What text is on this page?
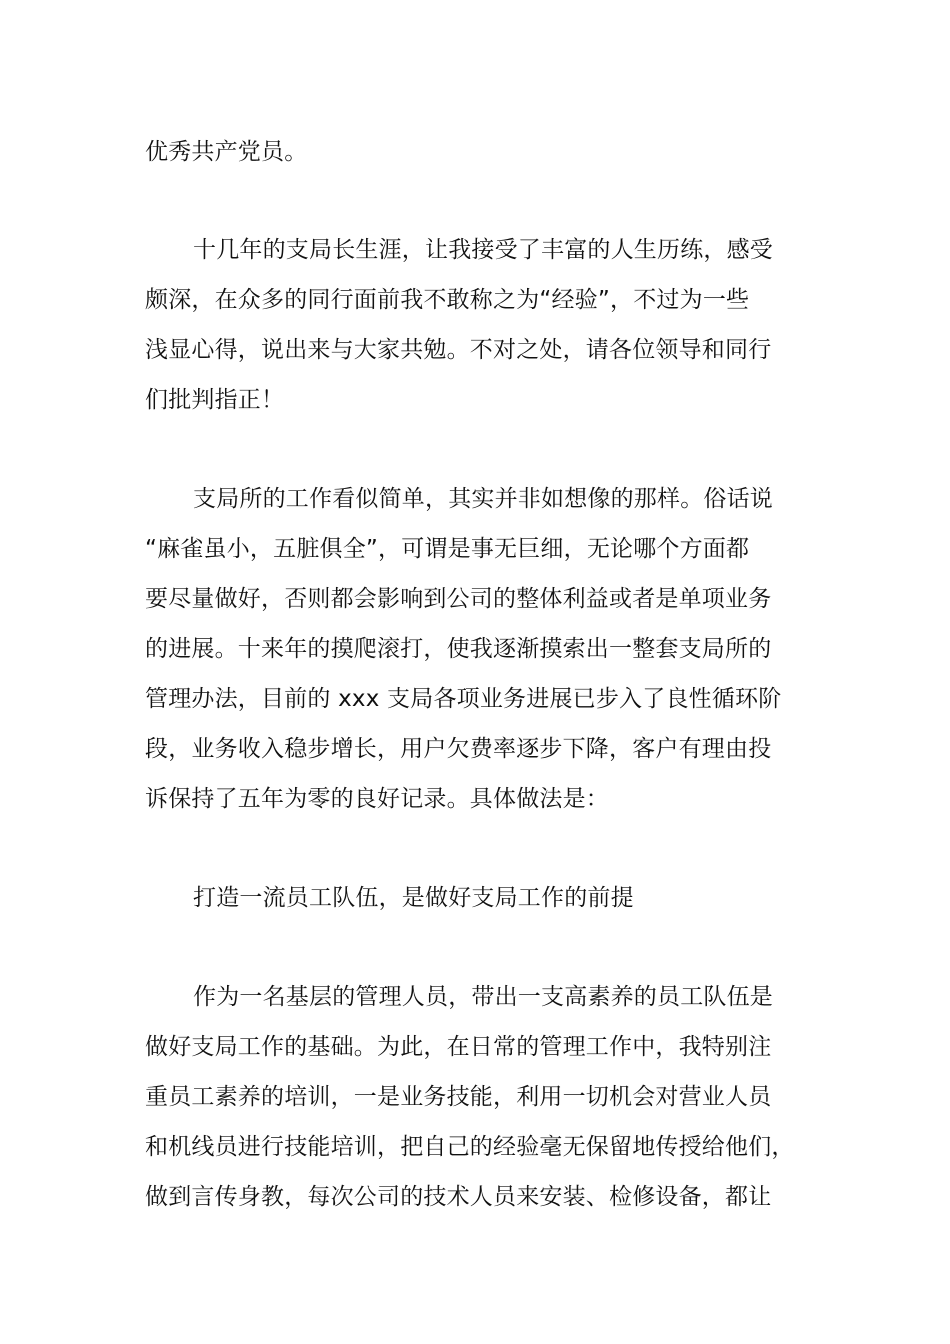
优秀共产党员。

十几年的支局长生涯，让我接受了丰富的人生历练，感受

颇深，在众多的同行面前我不敢称之为“经验”，不过为一些

浅显心得，说出来与大家共勉。不对之处，请各位领导和同行

们批判指正！

支局所的工作看似简单，其实并非如想像的那样。俗话说

“麻雀虽小，五脏俱全”，可谓是事无巨细，无论哪个方面都

要尽量做好，否则都会影响到公司的整体利益或者是单项业务

的进展。十来年的摸爬滚打，使我逐渐摸索出一整套支局所的

管理办法，目前的 xxx 支局各项业务进展已步入了良性循环阶

段，业务收入稳步增长，用户欠费率逐步下降，客户有理由投

诉保持了五年为零的良好记录。具体做法是：

打造一流员工队伍，是做好支局工作的前提

作为一名基层的管理人员，带出一支高素养的员工队伍是

做好支局工作的基础。为此，在日常的管理工作中，我特别注

重员工素养的培训，一是业务技能，利用一切机会对营业人员

和机线员进行技能培训，把自己的经验毫无保留地传授给他们，

做到言传身教，每次公司的技术人员来安装、检修设备，都让
